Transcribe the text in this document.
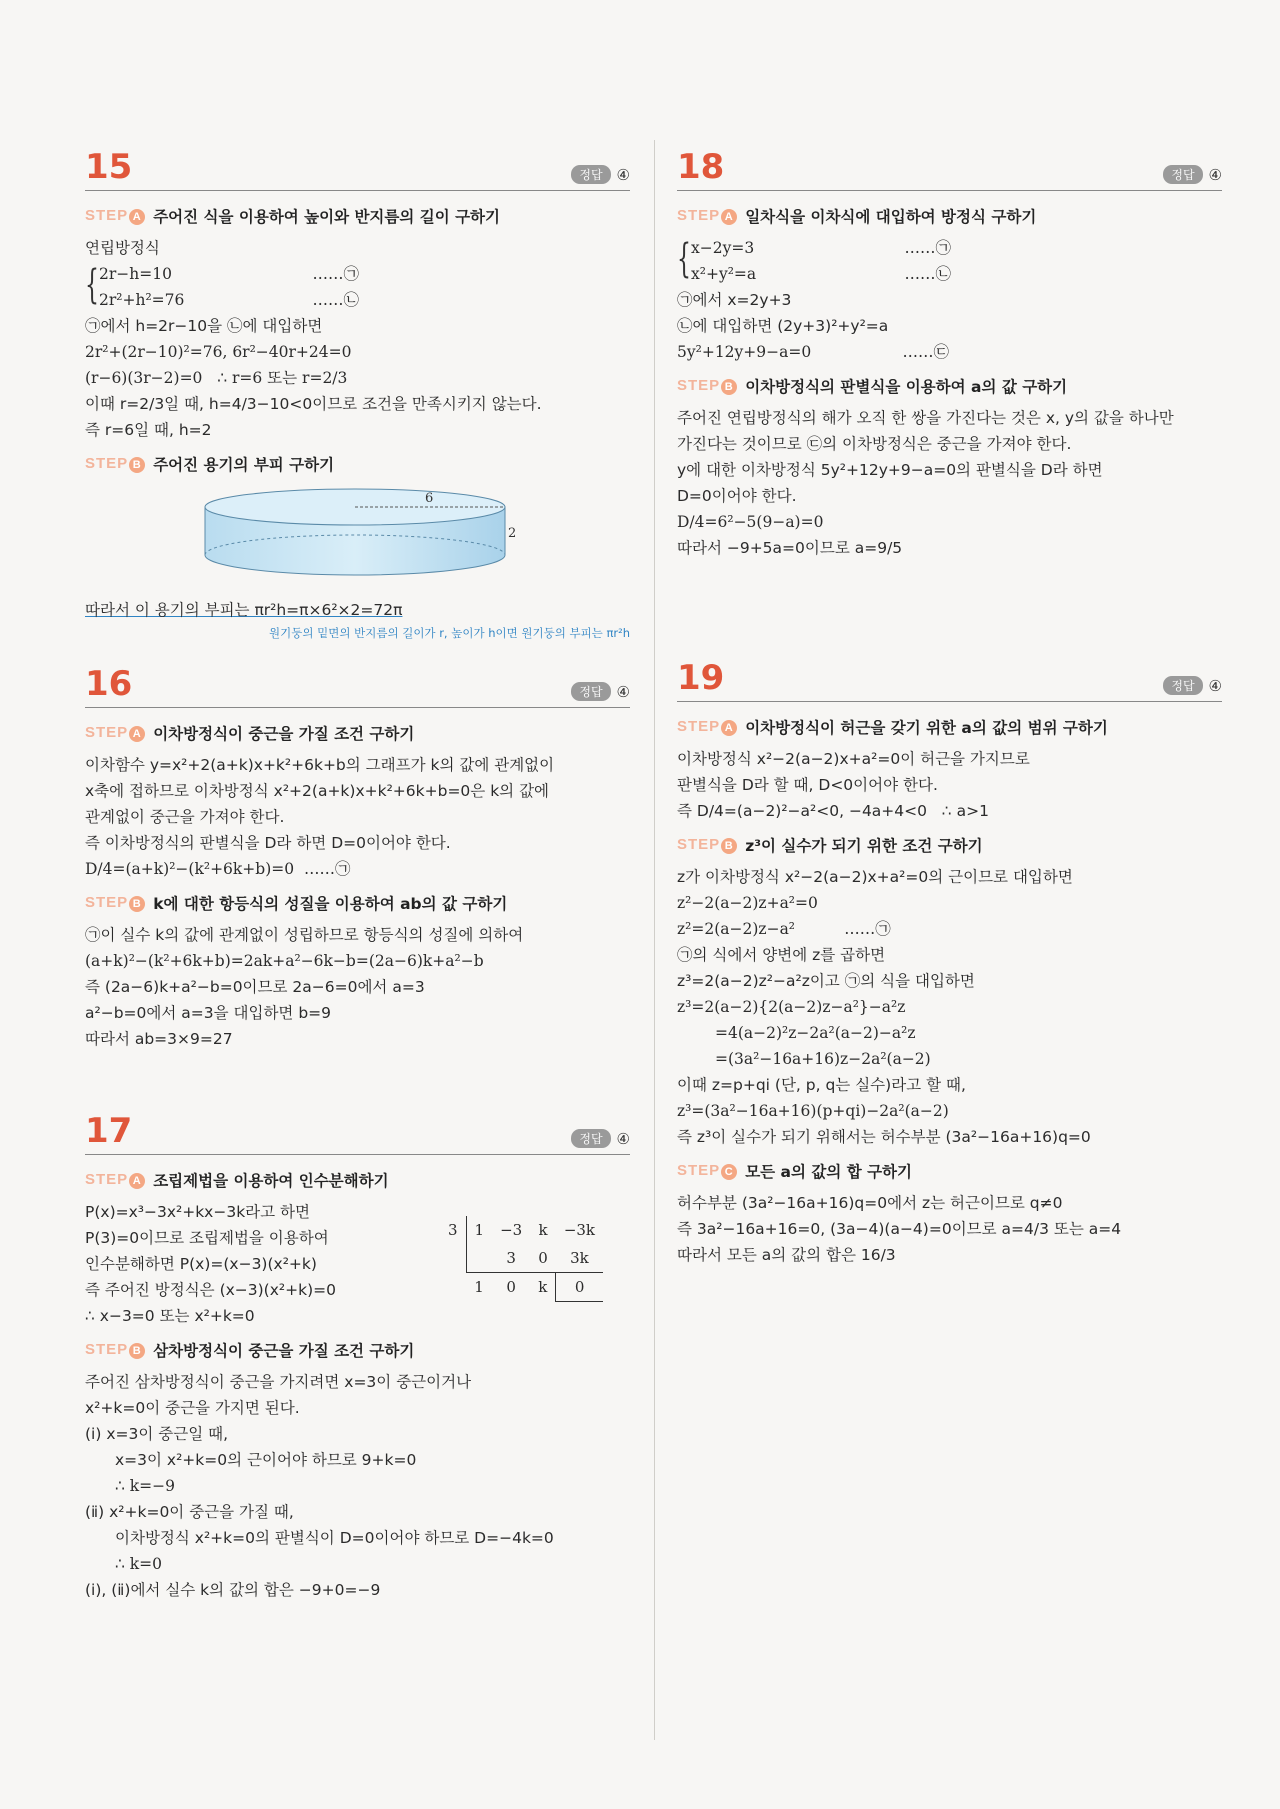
15	정답 ④
STEP A 주어진 식을 이용하여 높이와 반지름의 길이 구하기
연립방정식
{ 2r−h=10	……㉠
2r²+h²=76	……㉡
㉠에서 h=2r−10을 ㉡에 대입하면
2r²+(2r−10)²=76, 6r²−40r+24=0
(r−6)(3r−2)=0   ∴ r=6 또는 r=2/3
이때 r=2/3일 때, h=4/3−10<0이므로 조건을 만족시키지 않는다.
즉 r=6일 때, h=2
STEP B 주어진 용기의 부피 구하기
6
2
따라서 이 용기의 부피는 πr²h=π×6²×2=72π
원기둥의 밑면의 반지름의 길이가 r, 높이가 h이면 원기둥의 부피는 πr²h
16	정답 ④
STEP A 이차방정식이 중근을 가질 조건 구하기
이차함수 y=x²+2(a+k)x+k²+6k+b의 그래프가 k의 값에 관계없이
x축에 접하므로 이차방정식 x²+2(a+k)x+k²+6k+b=0은 k의 값에
관계없이 중근을 가져야 한다.
즉 이차방정식의 판별식을 D라 하면 D=0이어야 한다.
D/4=(a+k)²−(k²+6k+b)=0  ……㉠
STEP B k에 대한 항등식의 성질을 이용하여 ab의 값 구하기
㉠이 실수 k의 값에 관계없이 성립하므로 항등식의 성질에 의하여
(a+k)²−(k²+6k+b)=2ak+a²−6k−b=(2a−6)k+a²−b
즉 (2a−6)k+a²−b=0이므로 2a−6=0에서 a=3
a²−b=0에서 a=3을 대입하면 b=9
따라서 ab=3×9=27
17	정답 ④
STEP A 조립제법을 이용하여 인수분해하기
P(x)=x³−3x²+kx−3k라고 하면
P(3)=0이므로 조립제법을 이용하여
인수분해하면 P(x)=(x−3)(x²+k)
즉 주어진 방정식은 (x−3)(x²+k)=0
∴ x−3=0 또는 x²+k=0
3	1	−3	k	−3k
		3	0	3k
	1	0	k	0
STEP B 삼차방정식이 중근을 가질 조건 구하기
주어진 삼차방정식이 중근을 가지려면 x=3이 중근이거나
x²+k=0이 중근을 가지면 된다.
(ⅰ) x=3이 중근일 때,
x=3이 x²+k=0의 근이어야 하므로 9+k=0
∴ k=−9
(ⅱ) x²+k=0이 중근을 가질 때,
이차방정식 x²+k=0의 판별식이 D=0이어야 하므로 D=−4k=0
∴ k=0
(ⅰ), (ⅱ)에서 실수 k의 값의 합은 −9+0=−9
18	정답 ④
STEP A 일차식을 이차식에 대입하여 방정식 구하기
{ x−2y=3	……㉠
x²+y²=a	……㉡
㉠에서 x=2y+3
㉡에 대입하면 (2y+3)²+y²=a
5y²+12y+9−a=0	……㉢
STEP B 이차방정식의 판별식을 이용하여 a의 값 구하기
주어진 연립방정식의 해가 오직 한 쌍을 가진다는 것은 x, y의 값을 하나만
가진다는 것이므로 ㉢의 이차방정식은 중근을 가져야 한다.
y에 대한 이차방정식 5y²+12y+9−a=0의 판별식을 D라 하면
D=0이어야 한다.
D/4=6²−5(9−a)=0
따라서 −9+5a=0이므로 a=9/5
19	정답 ④
STEP A 이차방정식이 허근을 갖기 위한 a의 값의 범위 구하기
이차방정식 x²−2(a−2)x+a²=0이 허근을 가지므로
판별식을 D라 할 때, D<0이어야 한다.
즉 D/4=(a−2)²−a²<0, −4a+4<0   ∴ a>1
STEP B z³이 실수가 되기 위한 조건 구하기
z가 이차방정식 x²−2(a−2)x+a²=0의 근이므로 대입하면
z²−2(a−2)z+a²=0
z²=2(a−2)z−a²          ……㉠
㉠의 식에서 양변에 z를 곱하면
z³=2(a−2)z²−a²z이고 ㉠의 식을 대입하면
z³=2(a−2){2(a−2)z−a²}−a²z
=4(a−2)²z−2a²(a−2)−a²z
=(3a²−16a+16)z−2a²(a−2)
이때 z=p+qi (단, p, q는 실수)라고 할 때,
z³=(3a²−16a+16)(p+qi)−2a²(a−2)
즉 z³이 실수가 되기 위해서는 허수부분 (3a²−16a+16)q=0
STEP C 모든 a의 값의 합 구하기
허수부분 (3a²−16a+16)q=0에서 z는 허근이므로 q≠0
즉 3a²−16a+16=0, (3a−4)(a−4)=0이므로 a=4/3 또는 a=4
따라서 모든 a의 값의 합은 16/3
